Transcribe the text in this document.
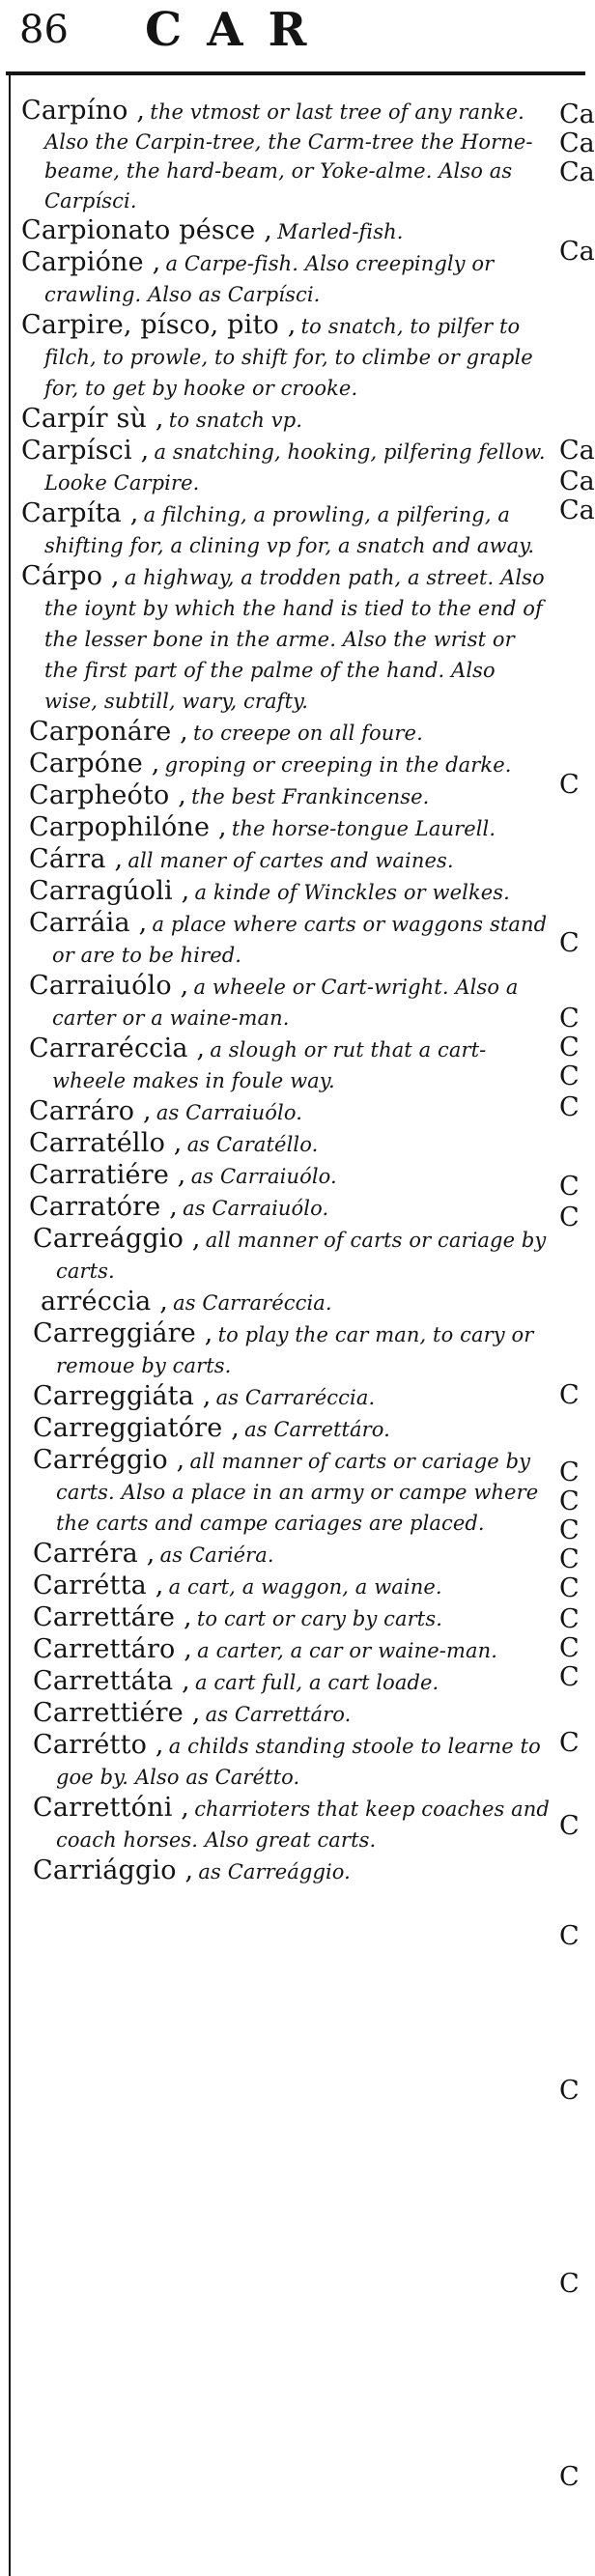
86 CAR

Carpíno , the vtmost or last tree of any ranke. Also the Carpin-tree, the Carm-tree the Horne-beame, the hard-beam, or Yoke-alme. Also as Carpísci.

Carpionato pésce , Marled-fish.

Carpióne , a Carpe-fish. Also creepingly or crawling. Also as Carpísci.

Carpire, písco, pito , to snatch, to pilfer to filch, to prowle, to shift for, to climbe or graple for, to get by hooke or crooke.

Carpír sù , to snatch vp.

Carpísci , a snatching, hooking, pilfering fellow. Looke Carpire.

Carpíta , a filching, a prowling, a pilfering, a shifting for, a clining vp for, a snatch and away.

Cárpo , a highway, a trodden path, a street. Also the ioynt by which the hand is tied to the end of the lesser bone in the arme. Also the wrist or the first part of the palme of the hand. Also wise, subtill, wary, crafty.

Carponáre , to creepe on all foure.

Carpóne , groping or creeping in the darke.

Carpheóto , the best Frankincense.

Carpophilóne , the horse-tongue Laurell.

Cárra , all maner of cartes and waines.

Carragúoli , a kinde of Winckles or welkes.

Carráia , a place where carts or waggons stand or are to be hired.

Carraiuólo , a wheele or Cart-wright. Also a carter or a waine-man.

Carraréccia , a slough or rut that a cart-wheele makes in foule way.

Carráro , as Carraiuólo.

Carratéllo , as Caratéllo.

Carratiére , as Carraiuólo.

Carratóre , as Carraiuólo.

Carreággio , all manner of carts or cariage by carts.

arréccia , as Carraréccia.

Carreggiáre , to play the car man, to cary or remoue by carts.

Carreggiáta , as Carraréccia.

Carreggiatóre , as Carrettáro.

Carréggio , all manner of carts or cariage by carts. Also a place in an army or campe where the carts and campe cariages are placed.

Carréra , as Cariéra.

Carrétta , a cart, a waggon, a waine.

Carrettáre , to cart or cary by carts.

Carrettáro , a carter, a car or waine-man.

Carrettáta , a cart full, a cart loade.

Carrettiére , as Carrettáro.

Carrétto , a childs standing stoole to learne to goe by. Also as Carétto.

Carrettóni , charrioters that keep coaches and coach horses. Also great carts.

Carriággio , as Carreággio.

Ca
Ca
Ca
Ca
Ca
Ca
Ca
C
C
C
C
C
C
C
C
C
C
C
C
C
C
C
C
C
C
C
C
C
C
C
